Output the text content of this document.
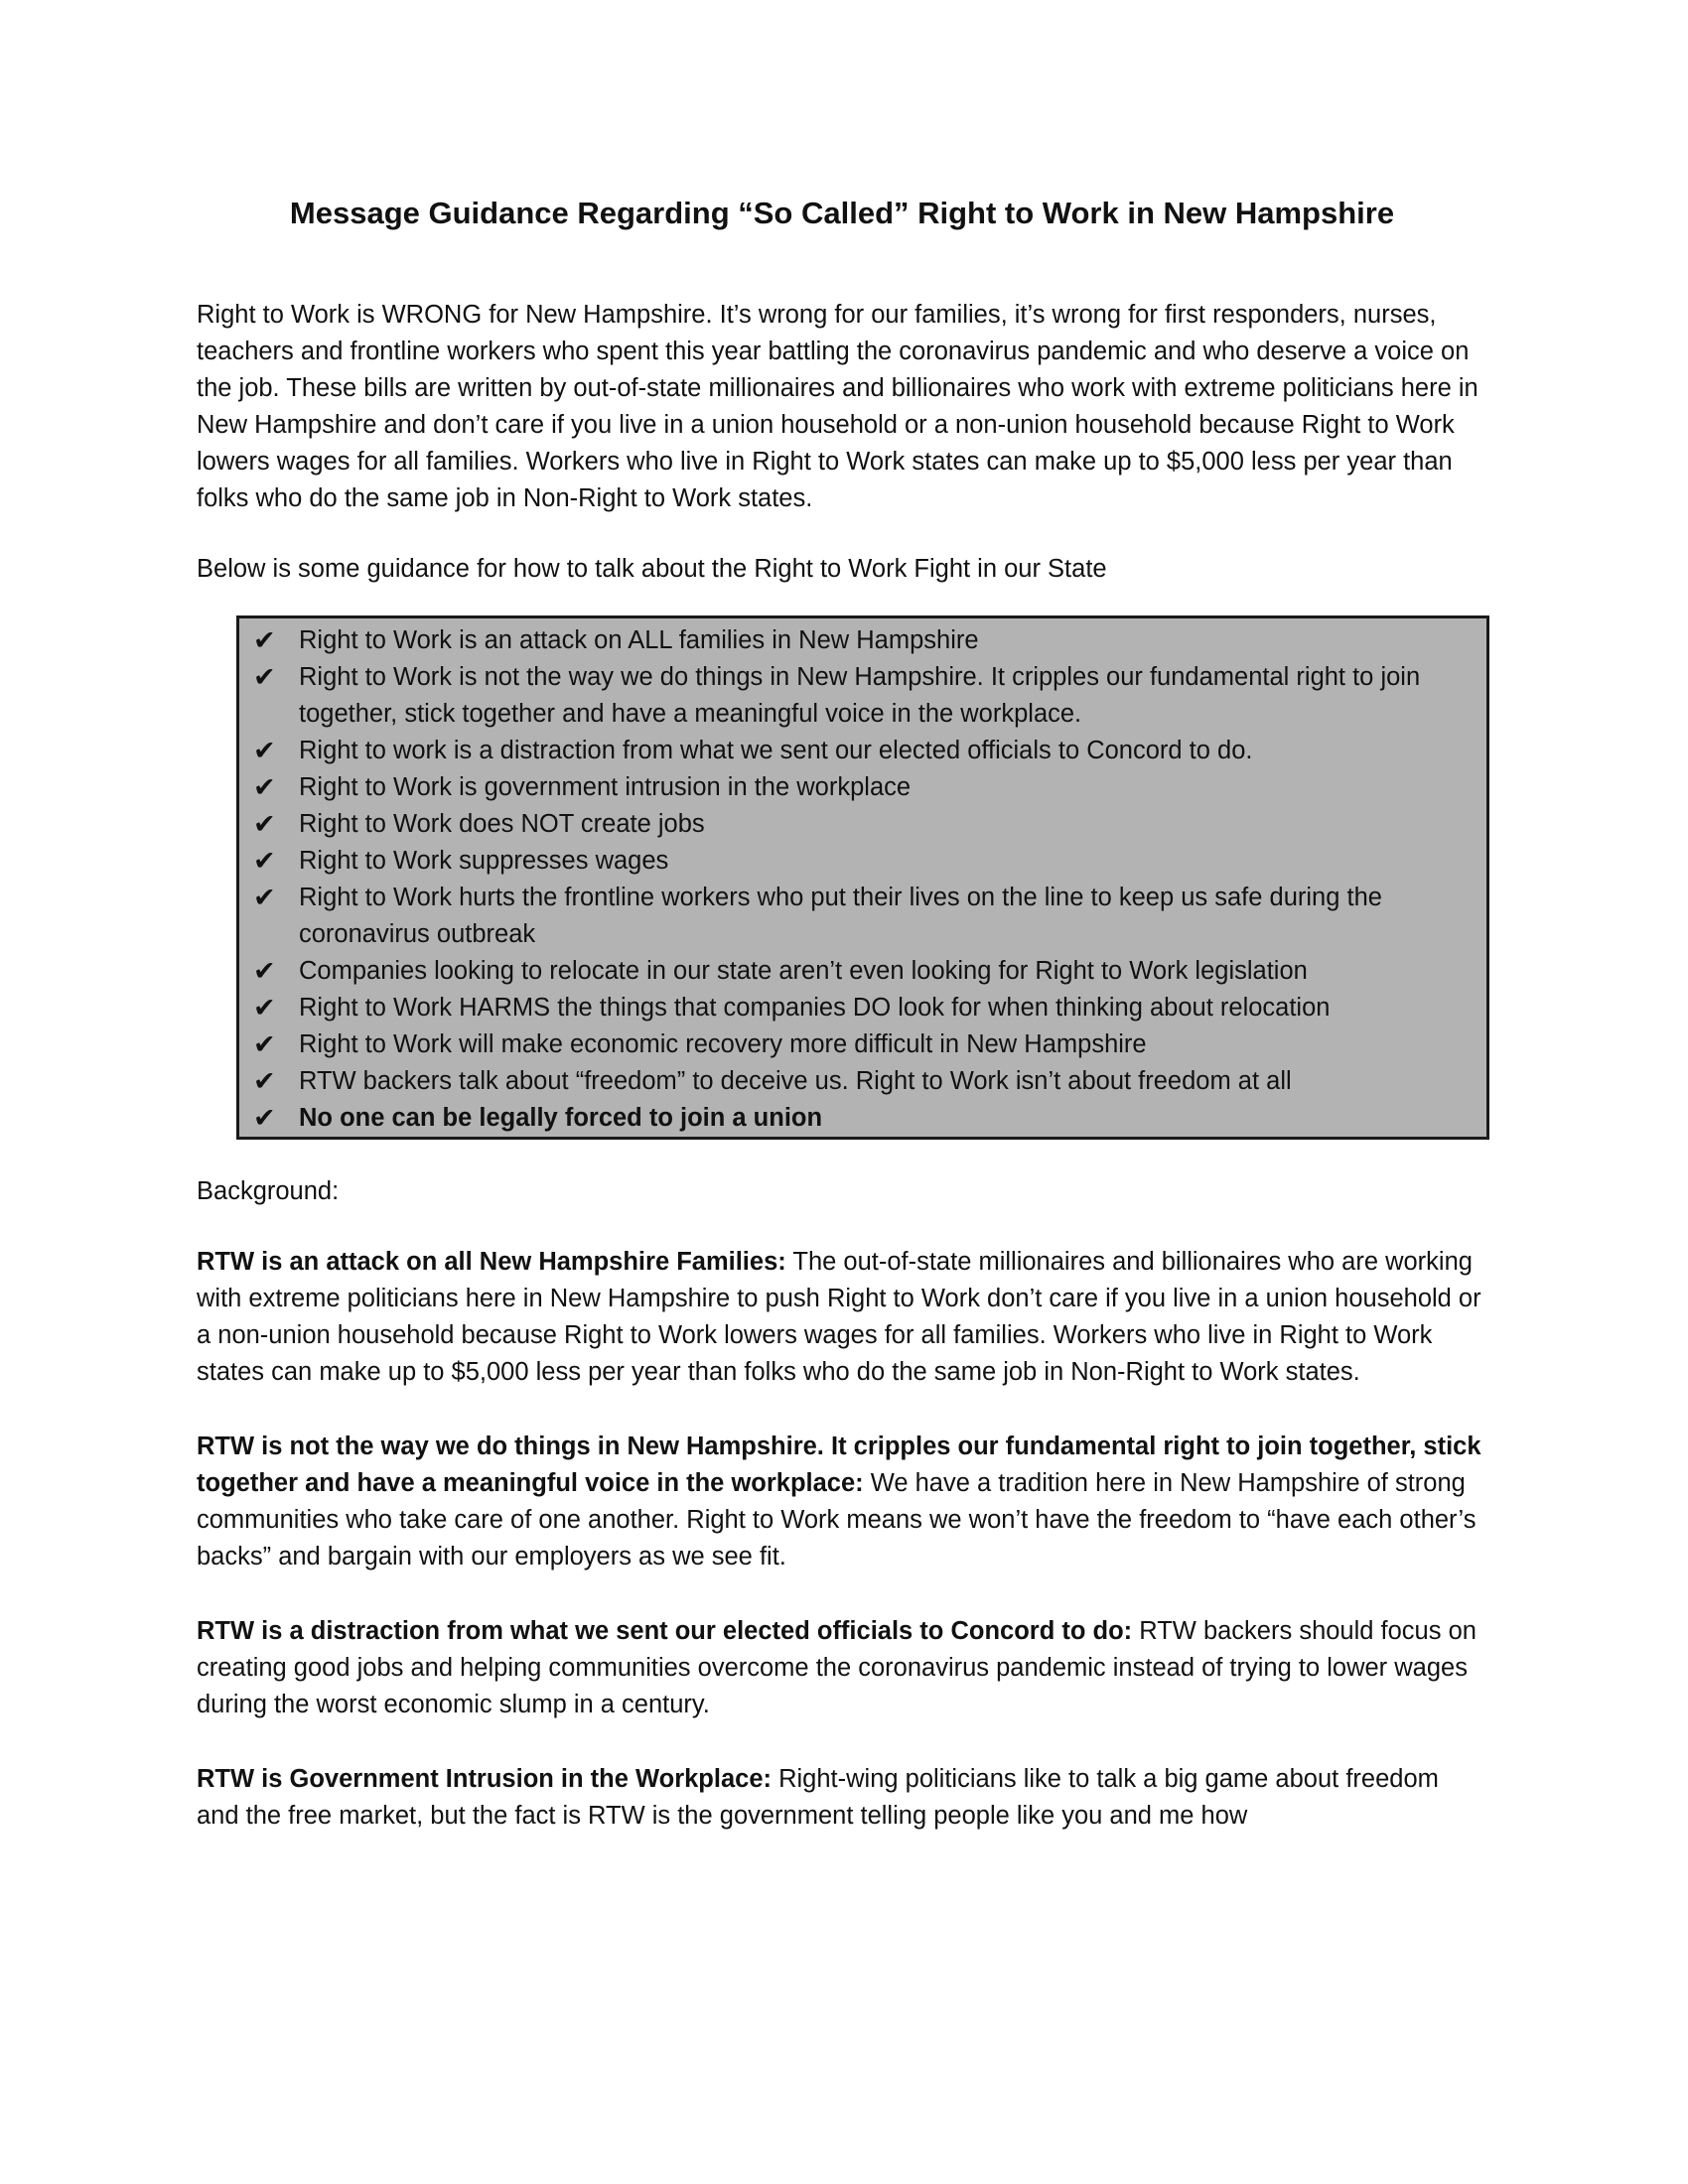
Message Guidance Regarding “So Called” Right to Work in New Hampshire

Right to Work is WRONG for New Hampshire. It’s wrong for our families, it’s wrong for first responders, nurses, teachers and frontline workers who spent this year battling the coronavirus pandemic and who deserve a voice on the job. These bills are written by out-of-state millionaires and billionaires who work with extreme politicians here in New Hampshire and don’t care if you live in a union household or a non-union household because Right to Work lowers wages for all families. Workers who live in Right to Work states can make up to $5,000 less per year than folks who do the same job in Non-Right to Work states.

Below is some guidance for how to talk about the Right to Work Fight in our State

✔ Right to Work is an attack on ALL families in New Hampshire
✔ Right to Work is not the way we do things in New Hampshire. It cripples our fundamental right to join together, stick together and have a meaningful voice in the workplace.
✔ Right to work is a distraction from what we sent our elected officials to Concord to do.
✔ Right to Work is government intrusion in the workplace
✔ Right to Work does NOT create jobs
✔ Right to Work suppresses wages
✔ Right to Work hurts the frontline workers who put their lives on the line to keep us safe during the coronavirus outbreak
✔ Companies looking to relocate in our state aren’t even looking for Right to Work legislation
✔ Right to Work HARMS the things that companies DO look for when thinking about relocation
✔ Right to Work will make economic recovery more difficult in New Hampshire
✔ RTW backers talk about “freedom” to deceive us. Right to Work isn’t about freedom at all
✔ No one can be legally forced to join a union

Background:

RTW is an attack on all New Hampshire Families: The out-of-state millionaires and billionaires who are working with extreme politicians here in New Hampshire to push Right to Work don’t care if you live in a union household or a non-union household because Right to Work lowers wages for all families. Workers who live in Right to Work states can make up to $5,000 less per year than folks who do the same job in Non-Right to Work states.

RTW is not the way we do things in New Hampshire. It cripples our fundamental right to join together, stick together and have a meaningful voice in the workplace: We have a tradition here in New Hampshire of strong communities who take care of one another. Right to Work means we won’t have the freedom to “have each other’s backs” and bargain with our employers as we see fit.

RTW is a distraction from what we sent our elected officials to Concord to do: RTW backers should focus on creating good jobs and helping communities overcome the coronavirus pandemic instead of trying to lower wages during the worst economic slump in a century.

RTW is Government Intrusion in the Workplace: Right-wing politicians like to talk a big game about freedom and the free market, but the fact is RTW is the government telling people like you and me how
